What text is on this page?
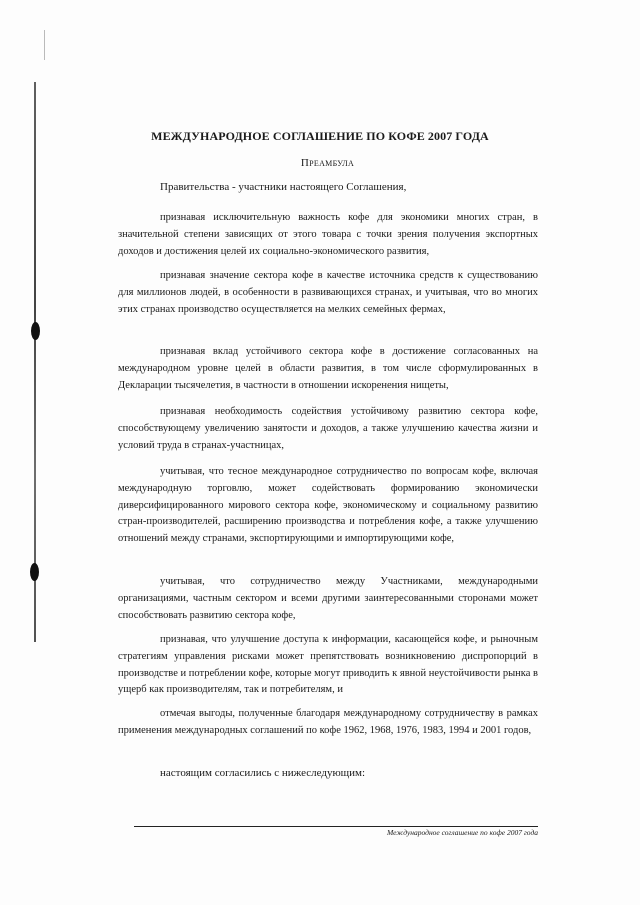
МЕЖДУНАРОДНОЕ СОГЛАШЕНИЕ ПО КОФЕ 2007 ГОДА
Преамбула
Правительства - участники настоящего Соглашения,
признавая исключительную важность кофе для экономики многих стран, в значительной степени зависящих от этого товара с точки зрения получения экспортных доходов и достижения целей их социально-экономического развития,
признавая значение сектора кофе в качестве источника средств к существованию для миллионов людей, в особенности в развивающихся странах, и учитывая, что во многих этих странах производство осуществляется на мелких семейных фермах,
признавая вклад устойчивого сектора кофе в достижение согласованных на международном уровне целей в области развития, в том числе сформулированных в Декларации тысячелетия, в частности в отношении искоренения нищеты,
признавая необходимость содействия устойчивому развитию сектора кофе, способствующему увеличению занятости и доходов, а также улучшению качества жизни и условий труда в странах-участницах,
учитывая, что тесное международное сотрудничество по вопросам кофе, включая международную торговлю, может содействовать формированию экономически диверсифицированного мирового сектора кофе, экономическому и социальному развитию стран-производителей, расширению производства и потребления кофе, а также улучшению отношений между странами, экспортирующими и импортирующими кофе,
учитывая, что сотрудничество между Участниками, международными организациями, частным сектором и всеми другими заинтересованными сторонами может способствовать развитию сектора кофе,
признавая, что улучшение доступа к информации, касающейся кофе, и рыночным стратегиям управления рисками может препятствовать возникновению диспропорций в производстве и потреблении кофе, которые могут приводить к явной неустойчивости рынка в ущерб как производителям, так и потребителям, и
отмечая выгоды, полученные благодаря международному сотрудничеству в рамках применения международных соглашений по кофе 1962, 1968, 1976, 1983, 1994 и 2001 годов,
настоящим согласились с нижеследующим:
Международное соглашение по кофе 2007 года
